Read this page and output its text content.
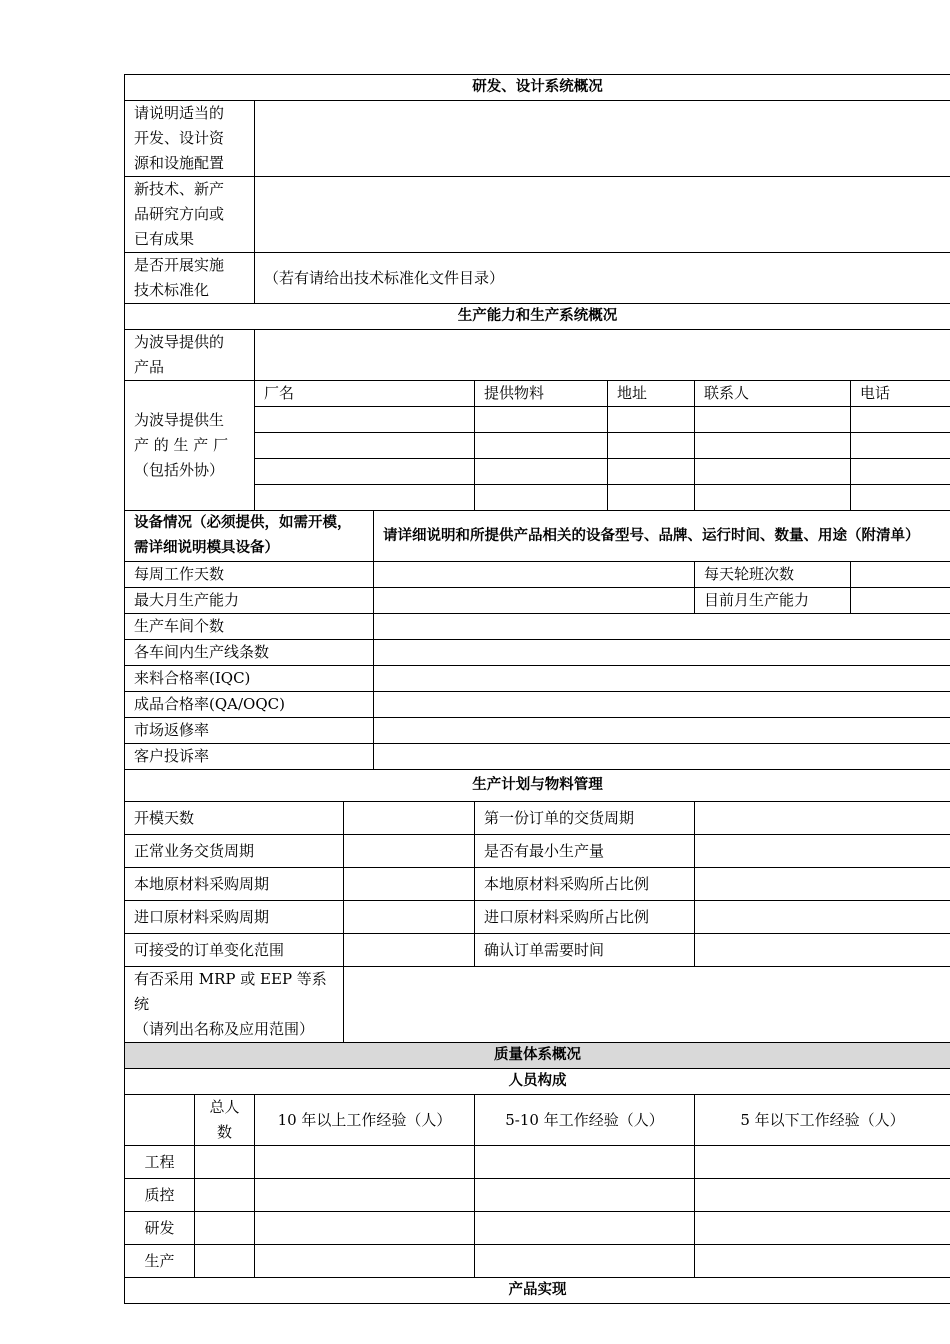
研发、设计系统概况								

请说明适当的
开发、设计资
源和设施配置								

新技术、新产
品研究方向或
已有成果								

是否开展实施
技术标准化		（若有请给出技术标准化文件目录）						
生产能力和生产系统概况								

为波导提供的
产品								

为波导提供生
产 的 生 产 厂
（包括外协）		厂名			提供物料	地址	联系人	电话

设备情况（必须提供，如需开模，需详细说明模具设备）				请详细说明和所提供产品相关的设备型号、品牌、运行时间、数量、用途（附清单）				
每周工作天数							每天轮班次数	
最大月生产能力							目前月生产能力	
生产车间个数								
各车间内生产线条数								
来料合格率(IQC)								
成品合格率(QA/OQC)								
市场返修率								
客户投诉率								
生产计划与物料管理								
开模天数					第一份订单的交货周期			
正常业务交货周期					是否有最小生产量			
本地原材料采购周期					本地原材料采购所占比例			
进口原材料采购周期					进口原材料采购所占比例			
可接受的订单变化范围					确认订单需要时间			

有否采用 MRP 或 EEP 等系统
（请列出名称及应用范围）								

质量体系概况								
人员构成								
	总人数	10 年以上工作经验（人）			5-10 年工作经验（人）		5 年以下工作经验（人）	
工程								
质控								
研发								
生产								
产品实现								
